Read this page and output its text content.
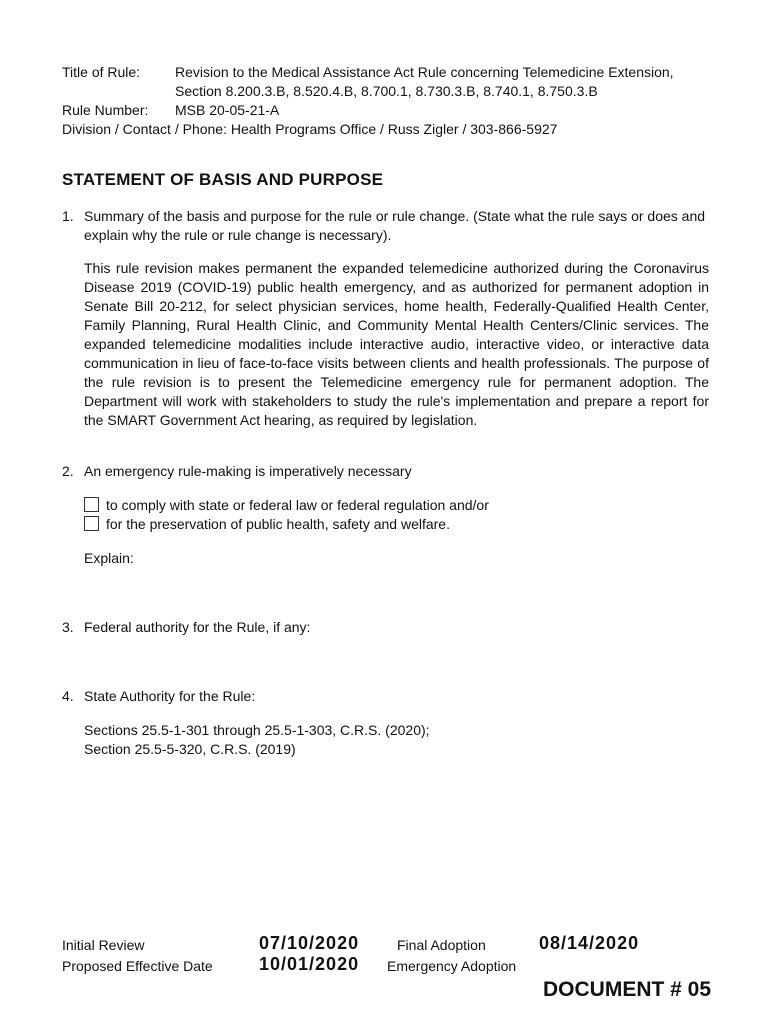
Title of Rule: Revision to the Medical Assistance Act Rule concerning Telemedicine Extension,
Section 8.200.3.B, 8.520.4.B, 8.700.1, 8.730.3.B, 8.740.1, 8.750.3.B
Rule Number: MSB 20-05-21-A
Division / Contact / Phone: Health Programs Office / Russ Zigler / 303-866-5927
STATEMENT OF BASIS AND PURPOSE
1. Summary of the basis and purpose for the rule or rule change. (State what the rule says or does and explain why the rule or rule change is necessary).
This rule revision makes permanent the expanded telemedicine authorized during the Coronavirus Disease 2019 (COVID-19) public health emergency, and as authorized for permanent adoption in Senate Bill 20-212, for select physician services, home health, Federally-Qualified Health Center, Family Planning, Rural Health Clinic, and Community Mental Health Centers/Clinic services. The expanded telemedicine modalities include interactive audio, interactive video, or interactive data communication in lieu of face-to-face visits between clients and health professionals. The purpose of the rule revision is to present the Telemedicine emergency rule for permanent adoption. The Department will work with stakeholders to study the rule's implementation and prepare a report for the SMART Government Act hearing, as required by legislation.
2. An emergency rule-making is imperatively necessary
to comply with state or federal law or federal regulation and/or
for the preservation of public health, safety and welfare.
Explain:
3. Federal authority for the Rule, if any:
4. State Authority for the Rule:
Sections 25.5-1-301 through 25.5-1-303, C.R.S. (2020);
Section 25.5-5-320, C.R.S. (2019)
Initial Review	07/10/2020	Final Adoption	08/14/2020
Proposed Effective Date	10/01/2020 Emergency Adoption
DOCUMENT # 05
